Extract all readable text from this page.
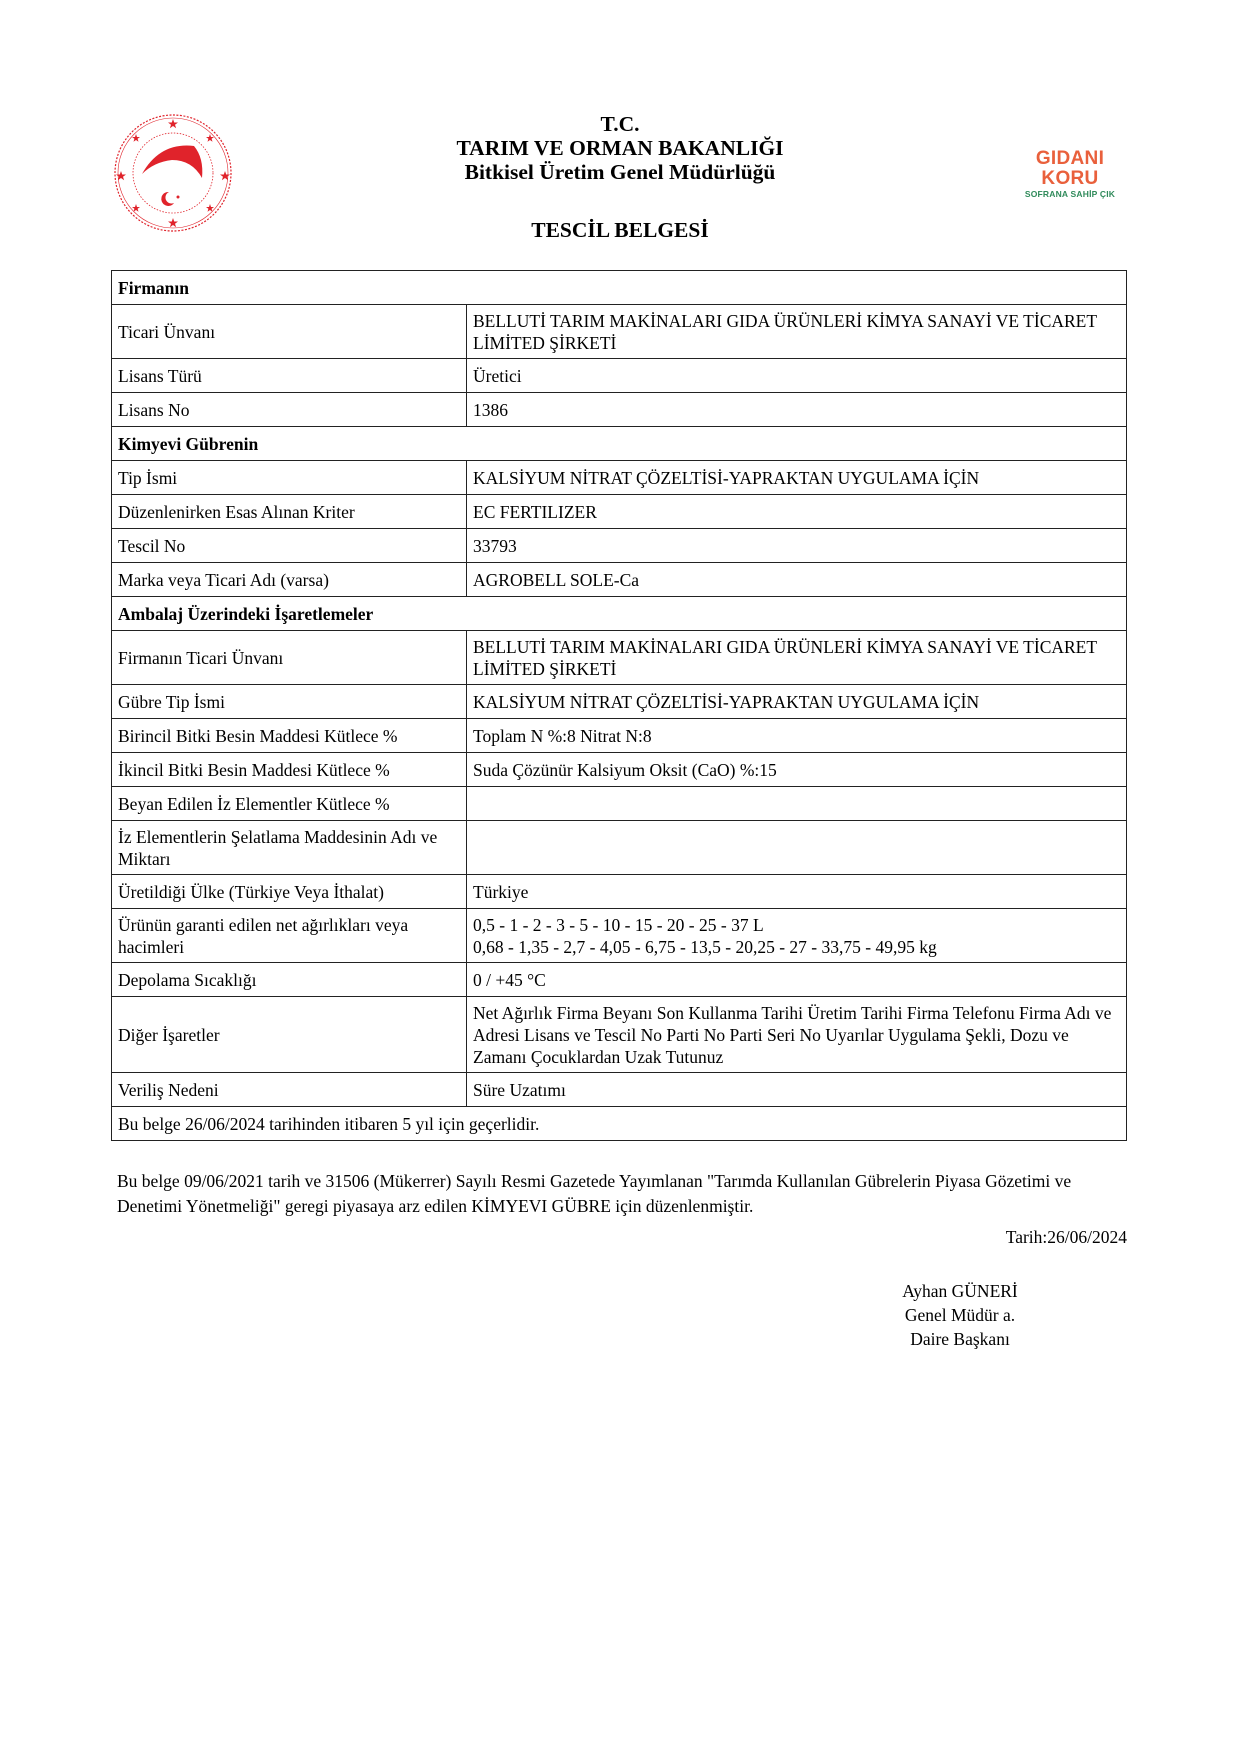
T.C.
TARIM VE ORMAN BAKANLIĞI
Bitkisel Üretim Genel Müdürlüğü
TESCİL BELGESİ
GIDANI KORU
SOFRANA SAHİP ÇIK
Firmanın	
Ticari Ünvanı	BELLUTİ TARIM MAKİNALARI GIDA ÜRÜNLERİ KİMYA SANAYİ VE TİCARET LİMİTED ŞİRKETİ
Lisans Türü	Üretici
Lisans No	1386
Kimyevi Gübrenin	
Tip İsmi	KALSİYUM NİTRAT ÇÖZELTİSİ-YAPRAKTAN UYGULAMA İÇİN
Düzenlenirken Esas Alınan Kriter	EC FERTILIZER
Tescil No	33793
Marka veya Ticari Adı (varsa)	AGROBELL SOLE-Ca
Ambalaj Üzerindeki İşaretlemeler	
Firmanın Ticari Ünvanı	BELLUTİ TARIM MAKİNALARI GIDA ÜRÜNLERİ KİMYA SANAYİ VE TİCARET LİMİTED ŞİRKETİ
Gübre Tip İsmi	KALSİYUM NİTRAT ÇÖZELTİSİ-YAPRAKTAN UYGULAMA İÇİN
Birincil Bitki Besin Maddesi Kütlece %	Toplam N %:8 Nitrat N:8
İkincil Bitki Besin Maddesi Kütlece %	Suda Çözünür Kalsiyum Oksit (CaO) %:15
Beyan Edilen İz Elementler Kütlece %	
İz Elementlerin Şelatlama Maddesinin Adı ve Miktarı	
Üretildiği Ülke (Türkiye Veya İthalat)	Türkiye
Ürünün garanti edilen net ağırlıkları veya hacimleri	0,5 - 1 - 2 - 3 - 5 - 10 - 15 - 20 - 25 - 37 L
0,68 - 1,35 - 2,7 - 4,05 - 6,75 - 13,5 - 20,25 - 27 - 33,75 - 49,95 kg

Depolama Sıcaklığı	0 / +45 °C
Diğer İşaretler	Net Ağırlık Firma Beyanı Son Kullanma Tarihi Üretim Tarihi Firma Telefonu Firma Adı ve Adresi Lisans ve Tescil No Parti No Parti Seri No Uyarılar Uygulama Şekli, Dozu ve Zamanı Çocuklardan Uzak Tutunuz
Veriliş Nedeni	Süre Uzatımı
Bu belge 26/06/2024 tarihinden itibaren 5 yıl için geçerlidir.	
Bu belge 09/06/2021 tarih ve 31506 (Mükerrer) Sayılı Resmi Gazetede Yayımlanan "Tarımda Kullanılan Gübrelerin Piyasa Gözetimi ve Denetimi Yönetmeliği" geregi piyasaya arz edilen KİMYEVI GÜBRE için düzenlenmiştir.
Tarih:26/06/2024
Ayhan GÜNERİ
Genel Müdür a.
Daire Başkanı
